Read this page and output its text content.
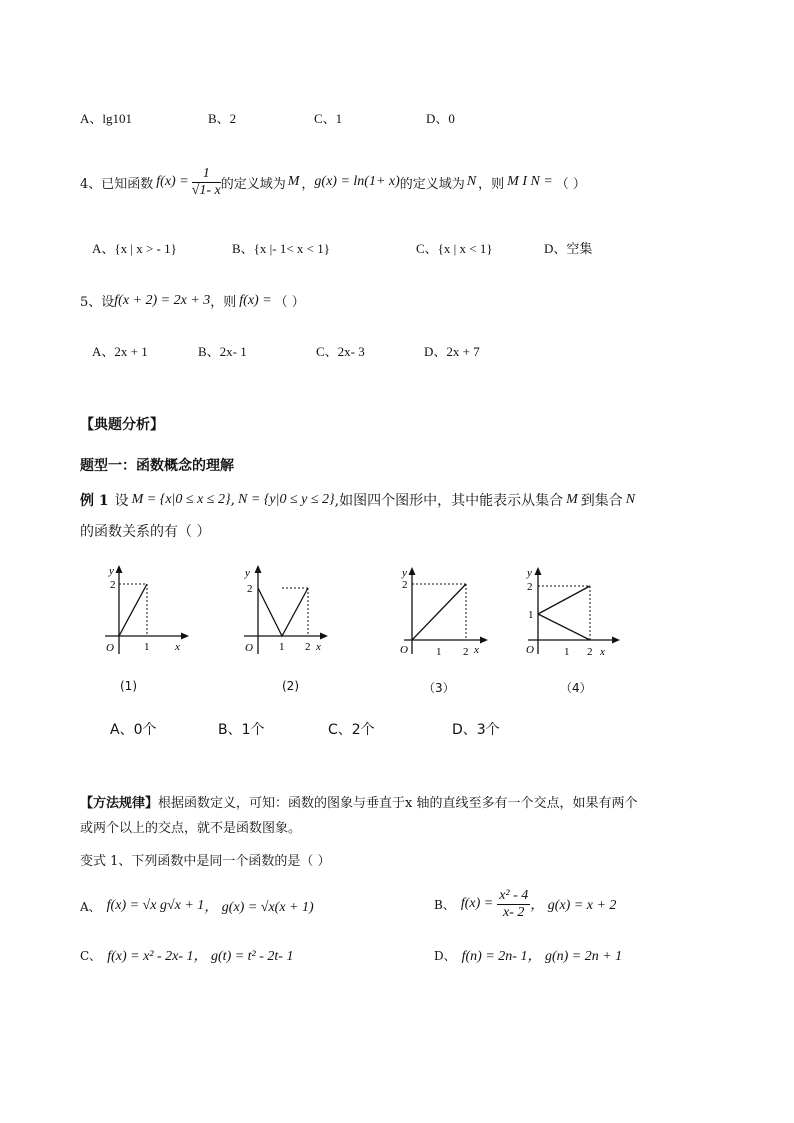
A、lg101	B、2	C、1	D、0
4、已知函数 $f(x) = \frac{1}{√1- x}$ 的定义域为 M ， g(x) = ln(1+ x) 的定义域为 N ，则 M I N = （ ）
A、{x | x > - 1}	B、{x |- 1< x < 1}	C、{x | x < 1}	D、空集
5、设 f(x + 2) = 2x + 3 ，则 f(x) = （ ）
A、2x + 1	B、2x- 1	C、2x- 3	D、2x + 7
【典题分析】
题型一：函数概念的理解
例 1 设 M = {x|0 ≤ x ≤ 2} , N = {y|0 ≤ y ≤ 2} ,如图四个图形中，其中能表示从集合 M 到集合 N
的函数关系的有（ ）
y
2
O	1 x
y
2
O 1 2 x
y
2
O	1 2 x
y
2
1
O	1 2 x
(1)	(2)	（3）	（4）
A、0个	B、1个	C、2个	D、3个
【方法规律】根据函数定义，可知：函数的图象与垂直于x 轴的直线至多有一个交点，如果有两个
或两个以上的交点，就不是函数图象。
变式 1、下列函数中是同一个函数的是（ ）
A、 f(x) = √x g√x + 1 ， g(x) = √x(x + 1)	B、 $f(x) = \frac{\text{x² - 4}}{x- 2}$ ， g(x) = x + 2
C、 f(x) = x² - 2x- 1， g(t) = t² - 2t- 1	D、 f(n) = 2n- 1， g(n) = 2n + 1
